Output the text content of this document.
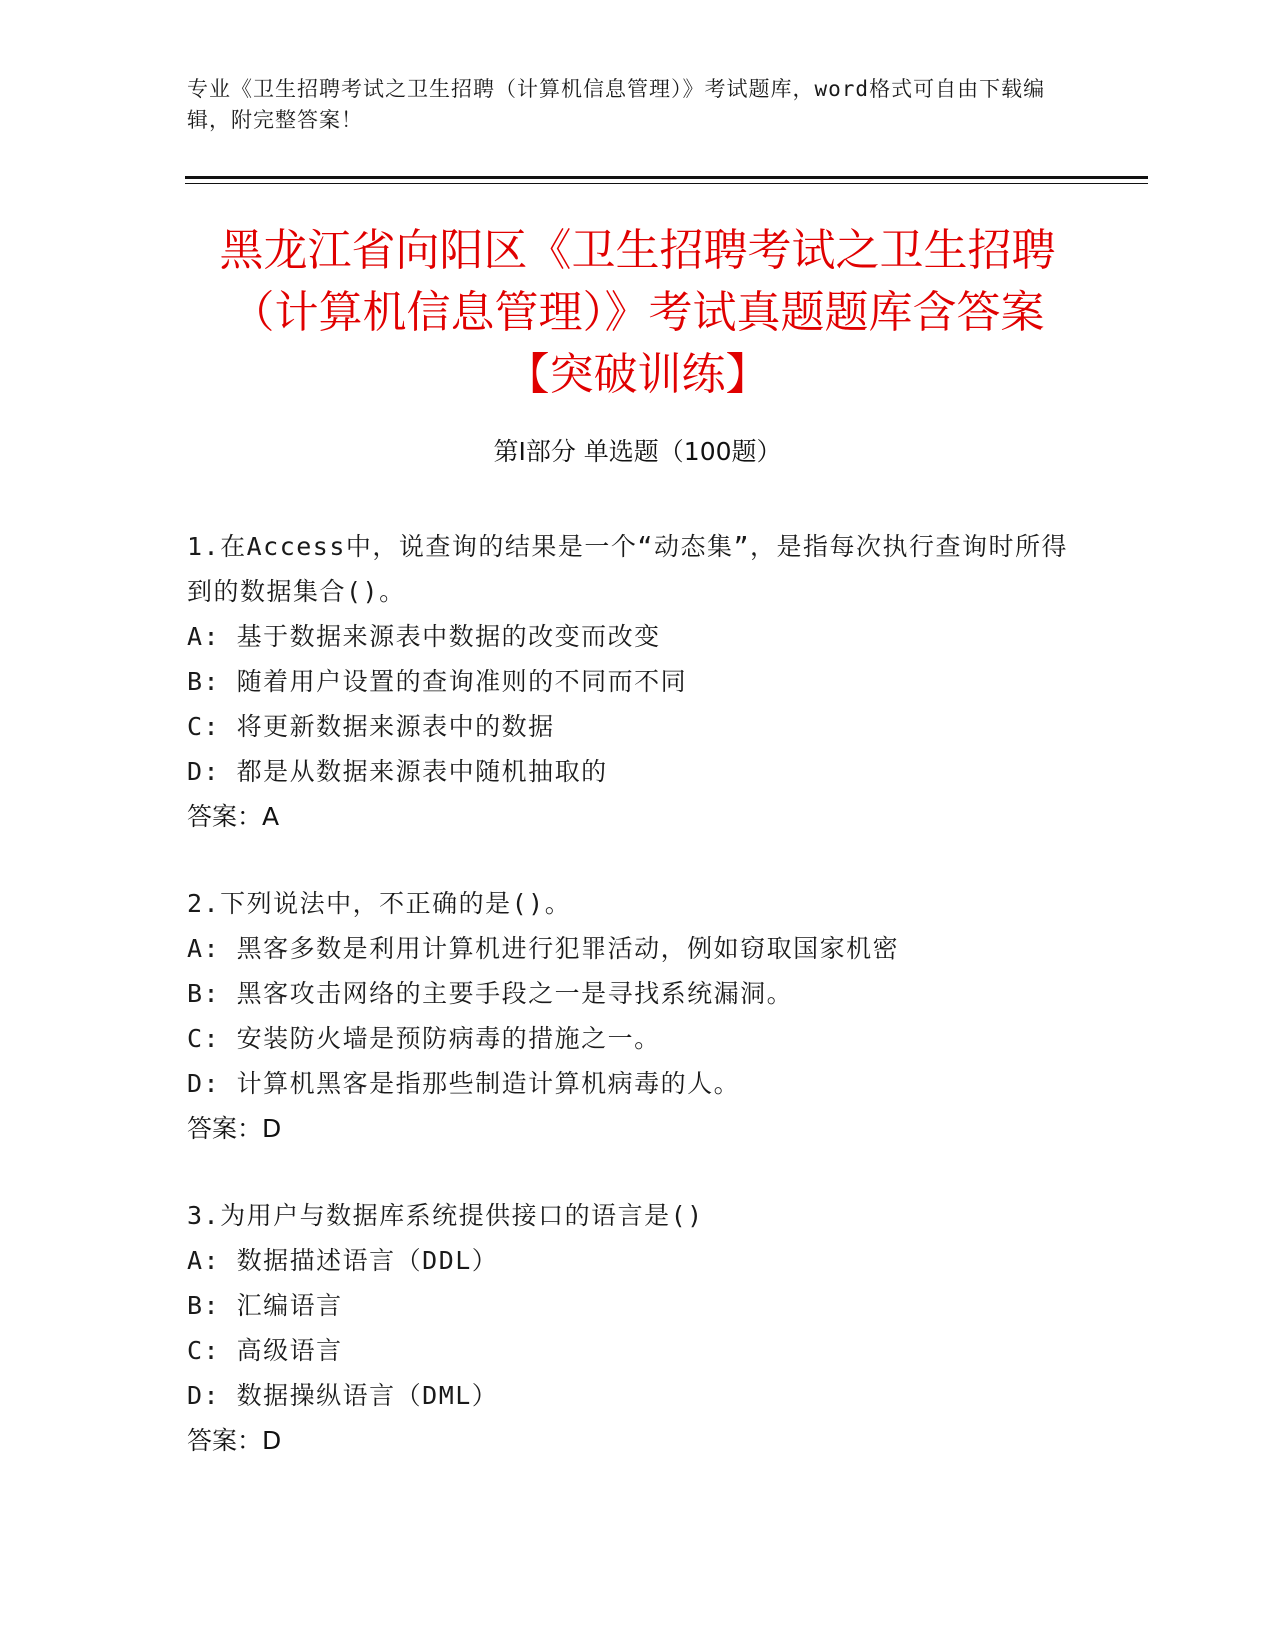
专业《卫生招聘考试之卫生招聘（计算机信息管理）》考试题库，word格式可自由下载编辑，附完整答案！
黑龙江省向阳区《卫生招聘考试之卫生招聘
（计算机信息管理）》考试真题题库含答案
【突破训练】
第I部分 单选题（100题）
1.在Access中，说查询的结果是一个“动态集”，是指每次执行查询时所得到的数据集合()。
A: 基于数据来源表中数据的改变而改变
B: 随着用户设置的查询准则的不同而不同
C: 将更新数据来源表中的数据
D: 都是从数据来源表中随机抽取的
答案：A
2.下列说法中，不正确的是()。
A: 黑客多数是利用计算机进行犯罪活动，例如窃取国家机密
B: 黑客攻击网络的主要手段之一是寻找系统漏洞。
C: 安装防火墙是预防病毒的措施之一。
D: 计算机黑客是指那些制造计算机病毒的人。
答案：D
3.为用户与数据库系统提供接口的语言是()
A: 数据描述语言（DDL）
B: 汇编语言
C: 高级语言
D: 数据操纵语言（DML）
答案：D
